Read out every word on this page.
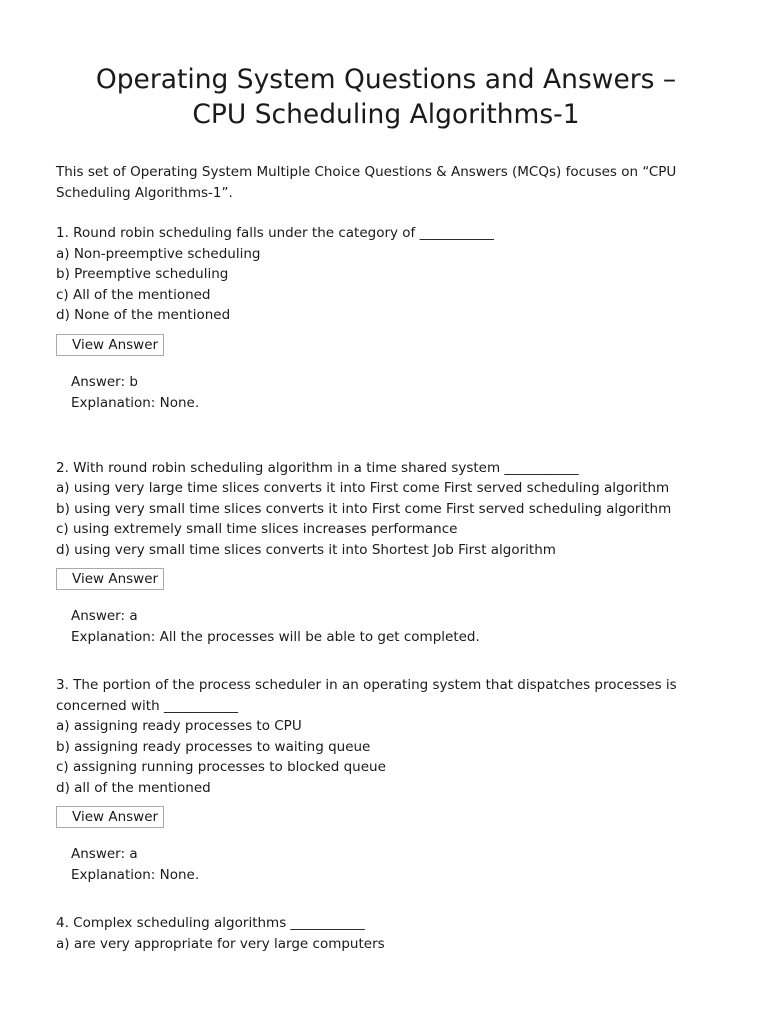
Operating System Questions and Answers –
CPU Scheduling Algorithms-1

This set of Operating System Multiple Choice Questions & Answers (MCQs) focuses on “CPU Scheduling Algorithms-1”.

1. Round robin scheduling falls under the category of ___________
a) Non-preemptive scheduling
b) Preemptive scheduling
c) All of the mentioned
d) None of the mentioned
View Answer
Answer: b
Explanation: None.
2. With round robin scheduling algorithm in a time shared system ___________
a) using very large time slices converts it into First come First served scheduling algorithm
b) using very small time slices converts it into First come First served scheduling algorithm
c) using extremely small time slices increases performance
d) using very small time slices converts it into Shortest Job First algorithm
View Answer
Answer: a
Explanation: All the processes will be able to get completed.
3. The portion of the process scheduler in an operating system that dispatches processes is concerned with ___________
a) assigning ready processes to CPU
b) assigning ready processes to waiting queue
c) assigning running processes to blocked queue
d) all of the mentioned
View Answer
Answer: a
Explanation: None.
4. Complex scheduling algorithms ___________
a) are very appropriate for very large computers
